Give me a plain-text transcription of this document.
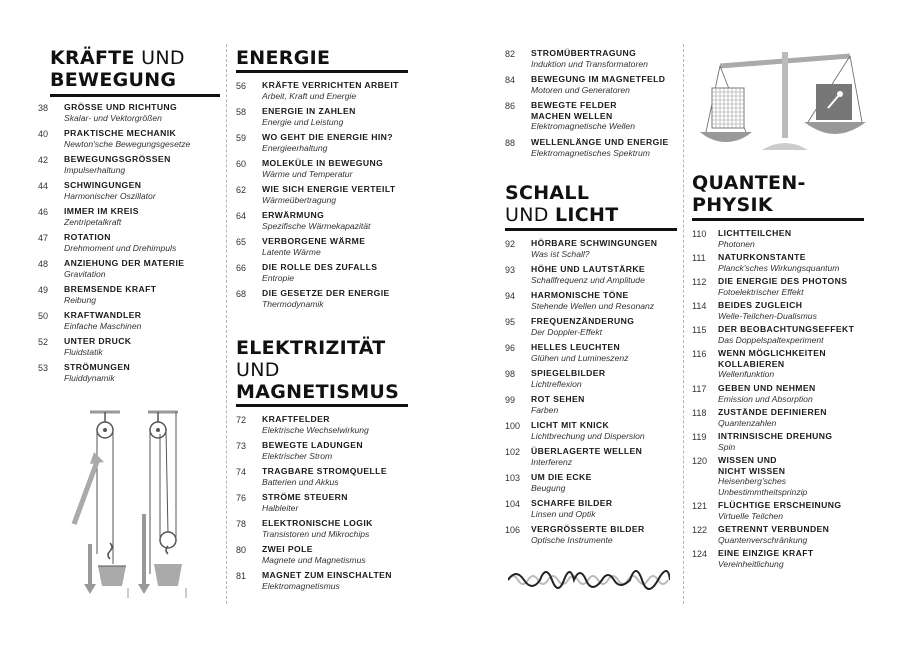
KRÄFTE UND
BEWEGUNG
38 GRÖSSE UND RICHTUNG
Skalar- und Vektorgrößen
40 PRAKTISCHE MECHANIK
Newton'sche Bewegungsgesetze
42 BEWEGUNGSGRÖSSEN
Impulserhaltung
44 SCHWINGUNGEN
Harmonischer Oszillator
46 IMMER IM KREIS
Zentripetalkraft
47 ROTATION
Drehmoment und Drehimpuls
48 ANZIEHUNG DER MATERIE
Gravitation
49 BREMSENDE KRAFT
Reibung
50 KRAFTWANDLER
Einfache Maschinen
52 UNTER DRUCK
Fluidstatik
53 STRÖMUNGEN
Fluiddynamik
ENERGIE
56 KRÄFTE VERRICHTEN ARBEIT
Arbeit, Kraft und Energie
58 ENERGIE IN ZAHLEN
Energie und Leistung
59 WO GEHT DIE ENERGIE HIN?
Energieerhaltung
60 MOLEKÜLE IN BEWEGUNG
Wärme und Temperatur
62 WIE SICH ENERGIE VERTEILT
Wärmeübertragung
64 ERWÄRMUNG
Spezifische Wärmekapazität
65 VERBORGENE WÄRME
Latente Wärme
66 DIE ROLLE DES ZUFALLS
Entropie
68 DIE GESETZE DER ENERGIE
Thermodynamik
ELEKTRIZITÄT
UND
MAGNETISMUS
72 KRAFTFELDER
Elektrische Wechselwirkung
73 BEWEGTE LADUNGEN
Elektrischer Strom
74 TRAGBARE STROMQUELLE
Batterien und Akkus
76 STRÖME STEUERN
Halbleiter
78 ELEKTRONISCHE LOGIK
Transistoren und Mikrochips
80 ZWEI POLE
Magnete und Magnetismus
81 MAGNET ZUM EINSCHALTEN
Elektromagnetismus
82 STROMÜBERTRAGUNG
Induktion und Transformatoren
84 BEWEGUNG IM MAGNETFELD
Motoren und Generatoren
86 BEWEGTE FELDER
MACHEN WELLEN
Elektromagnetische Wellen
88 WELLENLÄNGE UND ENERGIE
Elektromagnetisches Spektrum
SCHALL
UND LICHT
92 HÖRBARE SCHWINGUNGEN
Was ist Schall?
93 HÖHE UND LAUTSTÄRKE
Schallfrequenz und Amplitude
94 HARMONISCHE TÖNE
Stehende Wellen und Resonanz
95 FREQUENZÄNDERUNG
Der Doppler-Effekt
96 HELLES LEUCHTEN
Glühen und Lumineszenz
98 SPIEGELBILDER
Lichtreflexion
99 ROT SEHEN
Farben
100 LICHT MIT KNICK
Lichtbrechung und Dispersion
102 ÜBERLAGERTE WELLEN
Interferenz
103 UM DIE ECKE
Beugung
104 SCHARFE BILDER
Linsen und Optik
106 VERGRÖSSERTE BILDER
Optische Instrumente
QUANTEN-
PHYSIK
110 LICHTTEILCHEN
Photonen
111 NATURKONSTANTE
Planck'sches Wirkungsquantum
112 DIE ENERGIE DES PHOTONS
Fotoelektrischer Effekt
114 BEIDES ZUGLEICH
Welle-Teilchen-Dualismus
115 DER BEOBACHTUNGSEFFEKT
Das Doppelspaltexperiment
116 WENN MÖGLICHKEITEN
KOLLABIEREN
Wellenfunktion
117 GEBEN UND NEHMEN
Emission und Absorption
118 ZUSTÄNDE DEFINIEREN
Quantenzahlen
119 INTRINSISCHE DREHUNG
Spin
120 WISSEN UND
NICHT WISSEN
Heisenberg'sches
Unbestimmtheitsprinzip
121 FLÜCHTIGE ERSCHEINUNG
Virtuelle Teilchen
122 GETRENNT VERBUNDEN
Quantenverschränkung
124 EINE EINZIGE KRAFT
Vereinheitlichung
